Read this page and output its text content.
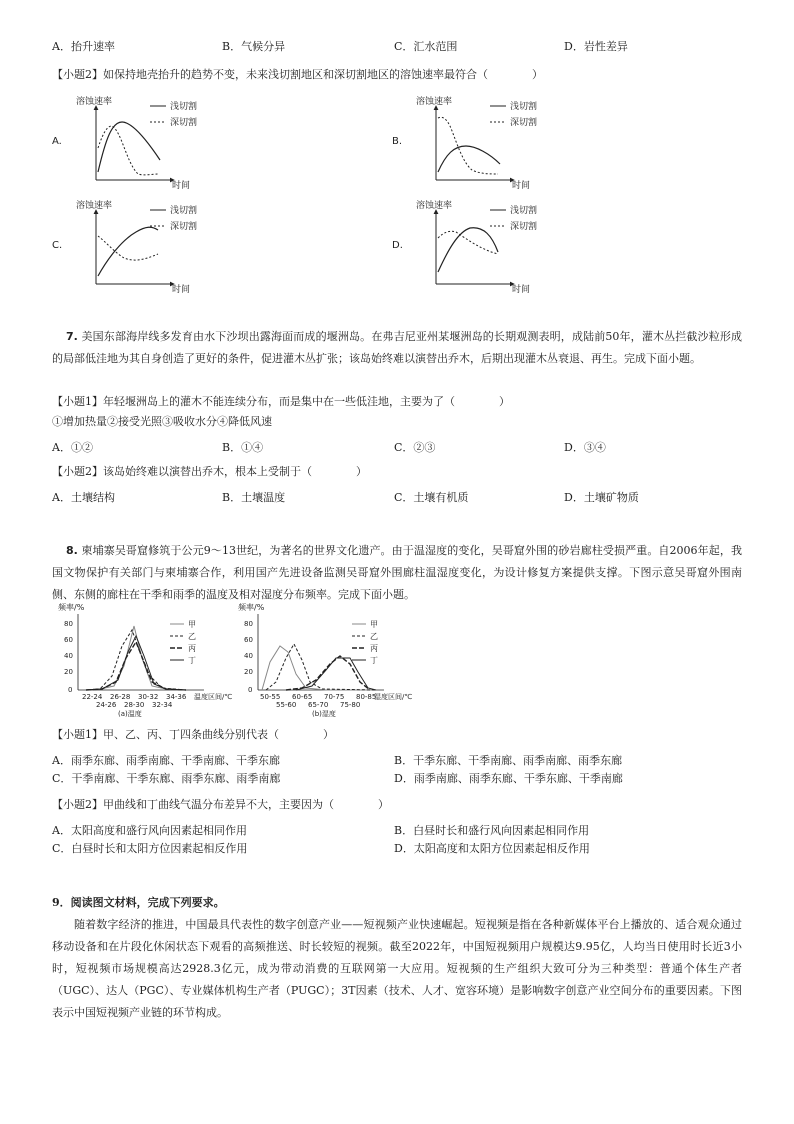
A．抬升速率	B．气候分异	C．汇水范围	D．岩性差异
【小题2】如保持地壳抬升的趋势不变，未来浅切割地区和深切割地区的溶蚀速率最符合（　　　　）
A.
溶蚀速率
时间
浅切割
深切割
B.
溶蚀速率
时间
浅切割
深切割
C.
溶蚀速率
时间
浅切割
深切割
D.
溶蚀速率
时间
浅切割
深切割
7. 美国东部海岸线多发育由水下沙坝出露海面而成的堰洲岛。在弗吉尼亚州某堰洲岛的长期观测表明，成陆前50年，灌木丛拦截沙粒形成的局部低洼地为其自身创造了更好的条件，促进灌木丛扩张；该岛始终难以演替出乔木，后期出现灌木丛衰退、再生。完成下面小题。
【小题1】年轻堰洲岛上的灌木不能连续分布，而是集中在一些低洼地，主要为了（　　　　）
①增加热量②接受光照③吸收水分④降低风速
A．①②	B．①④	C．②③	D．③④
【小题2】该岛始终难以演替出乔木，根本上受制于（　　　　）
A．土壤结构	B．土壤温度	C．土壤有机质	D．土壤矿物质
8. 柬埔寨吴哥窟修筑于公元9～13世纪，为著名的世界文化遗产。由于温湿度的变化，吴哥窟外围的砂岩廊柱受损严重。自2006年起，我国文物保护有关部门与柬埔寨合作，利用国产先进设备监测吴哥窟外围廊柱温湿度变化，为设计修复方案提供支撑。下图示意吴哥窟外围南侧、东侧的廊柱在干季和雨季的温度及相对湿度分布频率。完成下面小题。
频率/%
80
60
40
20
0
22-24 26-28 30-32 34-36
24-26 28-30 32-34
温度区间/℃
(a)温度
甲
乙
丙
丁
频率/%
80
60
40
20
0
50-55 60-65 70-75 80-85
55-60 65-70 75-80
湿度区间/℃
(b)湿度
甲
乙
丙
丁
【小题1】甲、乙、丙、丁四条曲线分别代表（　　　　）
A．雨季东廊、雨季南廊、干季南廊、干季东廊	B．干季东廊、干季南廊、雨季南廊、雨季东廊
C．干季南廊、干季东廊、雨季东廊、雨季南廊	D．雨季南廊、雨季东廊、干季东廊、干季南廊
【小题2】甲曲线和丁曲线气温分布差异不大，主要因为（　　　　）
A．太阳高度和盛行风向因素起相同作用	B．白昼时长和盛行风向因素起相同作用
C．白昼时长和太阳方位因素起相反作用	D．太阳高度和太阳方位因素起相反作用
9．阅读图文材料，完成下列要求。
随着数字经济的推进，中国最具代表性的数字创意产业——短视频产业快速崛起。短视频是指在各种新媒体平台上播放的、适合观众通过移动设备和在片段化休闲状态下观看的高频推送、时长较短的视频。截至2022年，中国短视频用户规模达9.95亿，人均当日使用时长近3小时，短视频市场规模高达2928.3亿元，成为带动消费的互联网第一大应用。短视频的生产组织大致可分为三种类型：普通个体生产者（UGC）、达人（PGC）、专业媒体机构生产者（PUGC）；3T因素（技术、人才、宽容环境）是影响数字创意产业空间分布的重要因素。下图表示中国短视频产业链的环节构成。
